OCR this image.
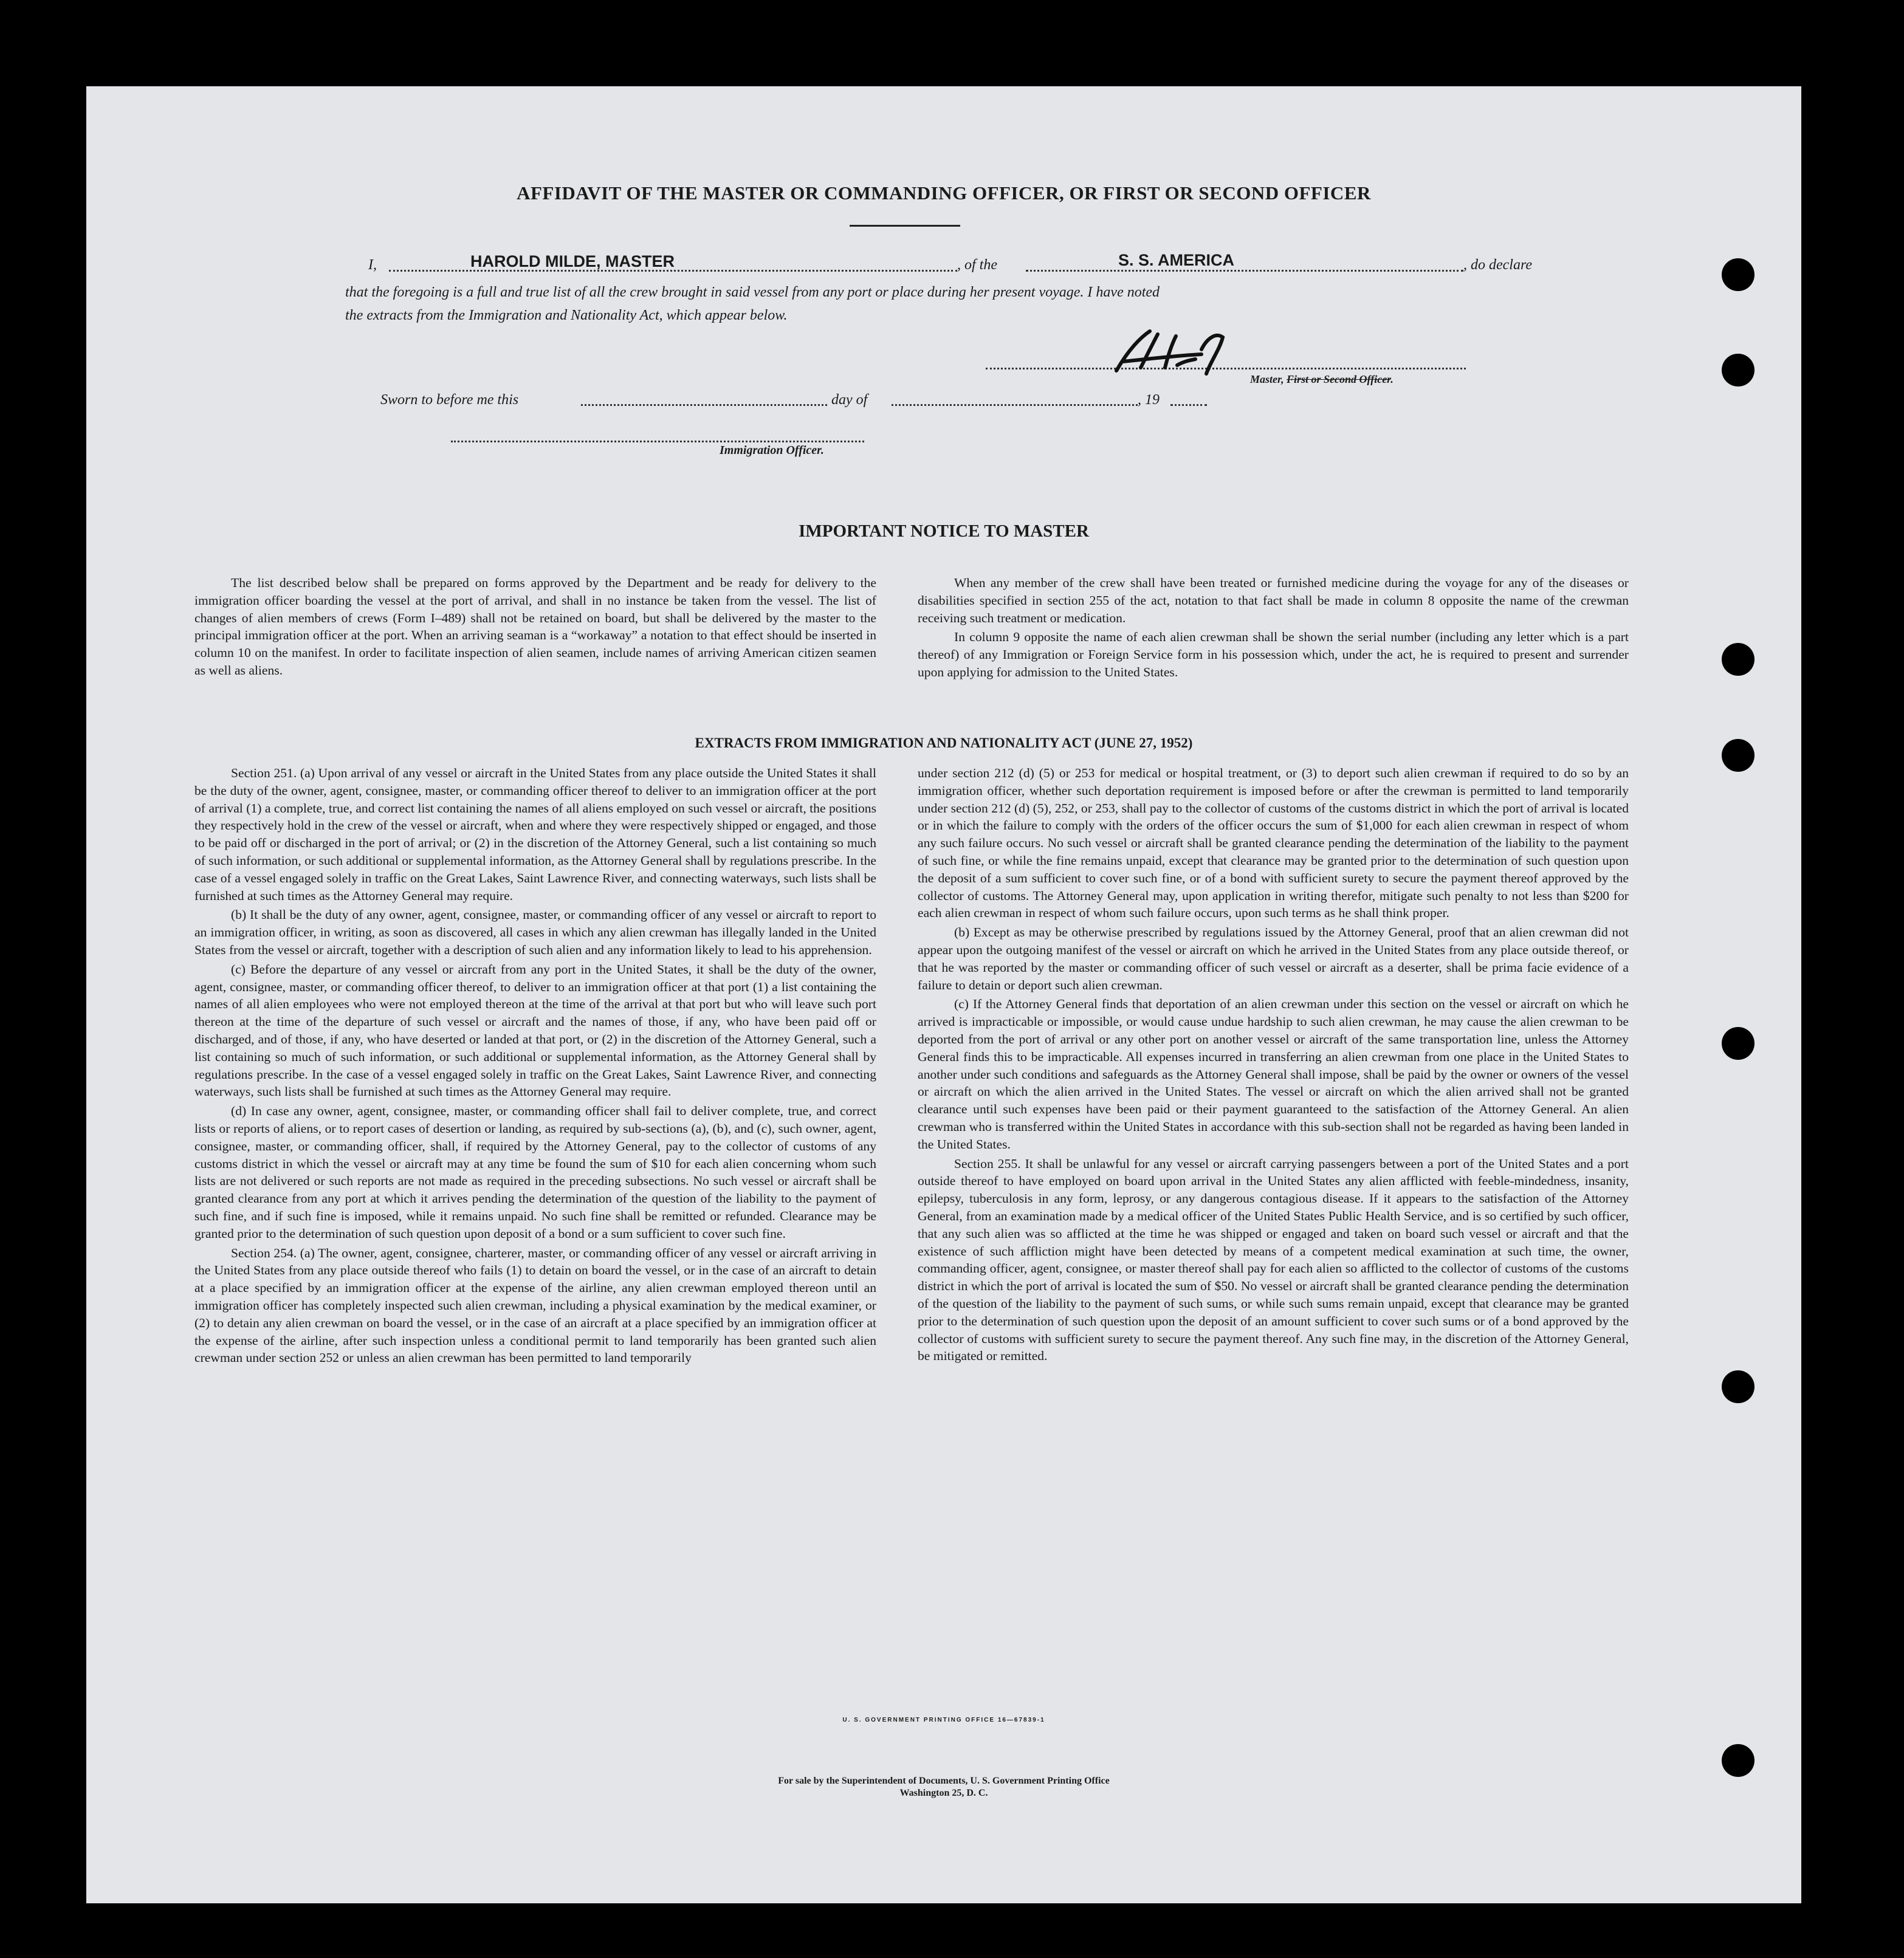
AFFIDAVIT OF THE MASTER OR COMMANDING OFFICER, OR FIRST OR SECOND OFFICER
I,	HAROLD MILDE, MASTER	, of the	S. S. AMERICA	, do declare
that the foregoing is a full and true list of all the crew brought in said vessel from any port or place during her present voyage. I have noted
the extracts from the Immigration and Nationality Act, which appear below.
Master, First or Second Officer.
Sworn to before me this	day of	, 19
Immigration Officer.
IMPORTANT NOTICE TO MASTER

The list described below shall be prepared on forms approved by the Department and be ready for delivery to the immigration officer boarding the vessel at the port of arrival, and shall in no instance be taken from the vessel. The list of changes of alien members of crews (Form I–489) shall not be retained on board, but shall be delivered by the master to the principal immigration officer at the port. When an arriving seaman is a “workaway” a notation to that effect should be inserted in column 10 on the manifest. In order to facilitate inspection of alien seamen, include names of arriving American citizen seamen as well as aliens.

When any member of the crew shall have been treated or furnished medicine during the voyage for any of the diseases or disabilities specified in section 255 of the act, notation to that fact shall be made in column 8 opposite the name of the crewman receiving such treatment or medication.

In column 9 opposite the name of each alien crewman shall be shown the serial number (including any letter which is a part thereof) of any Immigration or Foreign Service form in his possession which, under the act, he is required to present and surrender upon applying for admission to the United States.

EXTRACTS FROM IMMIGRATION AND NATIONALITY ACT (JUNE 27, 1952)

Section 251. (a) Upon arrival of any vessel or aircraft in the United States from any place outside the United States it shall be the duty of the owner, agent, consignee, master, or commanding officer thereof to deliver to an immigration officer at the port of arrival (1) a complete, true, and correct list containing the names of all aliens employed on such vessel or aircraft, the positions they respectively hold in the crew of the vessel or aircraft, when and where they were respectively shipped or engaged, and those to be paid off or discharged in the port of arrival; or (2) in the discretion of the Attorney General, such a list containing so much of such information, or such additional or supplemental information, as the Attorney General shall by regulations prescribe. In the case of a vessel engaged solely in traffic on the Great Lakes, Saint Lawrence River, and connecting waterways, such lists shall be furnished at such times as the Attorney General may require.

(b) It shall be the duty of any owner, agent, consignee, master, or commanding officer of any vessel or aircraft to report to an immigration officer, in writing, as soon as discovered, all cases in which any alien crewman has illegally landed in the United States from the vessel or aircraft, together with a description of such alien and any information likely to lead to his apprehension.

(c) Before the departure of any vessel or aircraft from any port in the United States, it shall be the duty of the owner, agent, consignee, master, or commanding officer thereof, to deliver to an immigration officer at that port (1) a list containing the names of all alien employees who were not employed thereon at the time of the arrival at that port but who will leave such port thereon at the time of the departure of such vessel or aircraft and the names of those, if any, who have been paid off or discharged, and of those, if any, who have deserted or landed at that port, or (2) in the discretion of the Attorney General, such a list containing so much of such information, or such additional or supplemental information, as the Attorney General shall by regulations prescribe. In the case of a vessel engaged solely in traffic on the Great Lakes, Saint Lawrence River, and connecting waterways, such lists shall be furnished at such times as the Attorney General may require.

(d) In case any owner, agent, consignee, master, or commanding officer shall fail to deliver complete, true, and correct lists or reports of aliens, or to report cases of desertion or landing, as required by sub-sections (a), (b), and (c), such owner, agent, consignee, master, or commanding officer, shall, if required by the Attorney General, pay to the collector of customs of any customs district in which the vessel or aircraft may at any time be found the sum of $10 for each alien concerning whom such lists are not delivered or such reports are not made as required in the preceding subsections. No such vessel or aircraft shall be granted clearance from any port at which it arrives pending the determination of the question of the liability to the payment of such fine, and if such fine is imposed, while it remains unpaid. No such fine shall be remitted or refunded. Clearance may be granted prior to the determination of such question upon deposit of a bond or a sum sufficient to cover such fine.

Section 254. (a) The owner, agent, consignee, charterer, master, or commanding officer of any vessel or aircraft arriving in the United States from any place outside thereof who fails (1) to detain on board the vessel, or in the case of an aircraft to detain at a place specified by an immigration officer at the expense of the airline, any alien crewman employed thereon until an immigration officer has completely inspected such alien crewman, including a physical examination by the medical examiner, or (2) to detain any alien crewman on board the vessel, or in the case of an aircraft at a place specified by an immigration officer at the expense of the airline, after such inspection unless a conditional permit to land temporarily has been granted such alien crewman under section 252 or unless an alien crewman has been permitted to land temporarily

under section 212 (d) (5) or 253 for medical or hospital treatment, or (3) to deport such alien crewman if required to do so by an immigration officer, whether such deportation requirement is imposed before or after the crewman is permitted to land temporarily under section 212 (d) (5), 252, or 253, shall pay to the collector of customs of the customs district in which the port of arrival is located or in which the failure to comply with the orders of the officer occurs the sum of $1,000 for each alien crewman in respect of whom any such failure occurs. No such vessel or aircraft shall be granted clearance pending the determination of the liability to the payment of such fine, or while the fine remains unpaid, except that clearance may be granted prior to the determination of such question upon the deposit of a sum sufficient to cover such fine, or of a bond with sufficient surety to secure the payment thereof approved by the collector of customs. The Attorney General may, upon application in writing therefor, mitigate such penalty to not less than $200 for each alien crewman in respect of whom such failure occurs, upon such terms as he shall think proper.

(b) Except as may be otherwise prescribed by regulations issued by the Attorney General, proof that an alien crewman did not appear upon the outgoing manifest of the vessel or aircraft on which he arrived in the United States from any place outside thereof, or that he was reported by the master or commanding officer of such vessel or aircraft as a deserter, shall be prima facie evidence of a failure to detain or deport such alien crewman.

(c) If the Attorney General finds that deportation of an alien crewman under this section on the vessel or aircraft on which he arrived is impracticable or impossible, or would cause undue hardship to such alien crewman, he may cause the alien crewman to be deported from the port of arrival or any other port on another vessel or aircraft of the same transportation line, unless the Attorney General finds this to be impracticable. All expenses incurred in transferring an alien crewman from one place in the United States to another under such conditions and safeguards as the Attorney General shall impose, shall be paid by the owner or owners of the vessel or aircraft on which the alien arrived in the United States. The vessel or aircraft on which the alien arrived shall not be granted clearance until such expenses have been paid or their payment guaranteed to the satisfaction of the Attorney General. An alien crewman who is transferred within the United States in accordance with this sub-section shall not be regarded as having been landed in the United States.

Section 255. It shall be unlawful for any vessel or aircraft carrying passengers between a port of the United States and a port outside thereof to have employed on board upon arrival in the United States any alien afflicted with feeble-mindedness, insanity, epilepsy, tuberculosis in any form, leprosy, or any dangerous contagious disease. If it appears to the satisfaction of the Attorney General, from an examination made by a medical officer of the United States Public Health Service, and is so certified by such officer, that any such alien was so afflicted at the time he was shipped or engaged and taken on board such vessel or aircraft and that the existence of such affliction might have been detected by means of a competent medical examination at such time, the owner, commanding officer, agent, consignee, or master thereof shall pay for each alien so afflicted to the collector of customs of the customs district in which the port of arrival is located the sum of $50. No vessel or aircraft shall be granted clearance pending the determination of the question of the liability to the payment of such sums, or while such sums remain unpaid, except that clearance may be granted prior to the determination of such question upon the deposit of an amount sufficient to cover such sums or of a bond approved by the collector of customs with sufficient surety to secure the payment thereof. Any such fine may, in the discretion of the Attorney General, be mitigated or remitted.

U. S. GOVERNMENT PRINTING OFFICE 16—67839-1
For sale by the Superintendent of Documents, U. S. Government Printing Office
Washington 25, D. C.
